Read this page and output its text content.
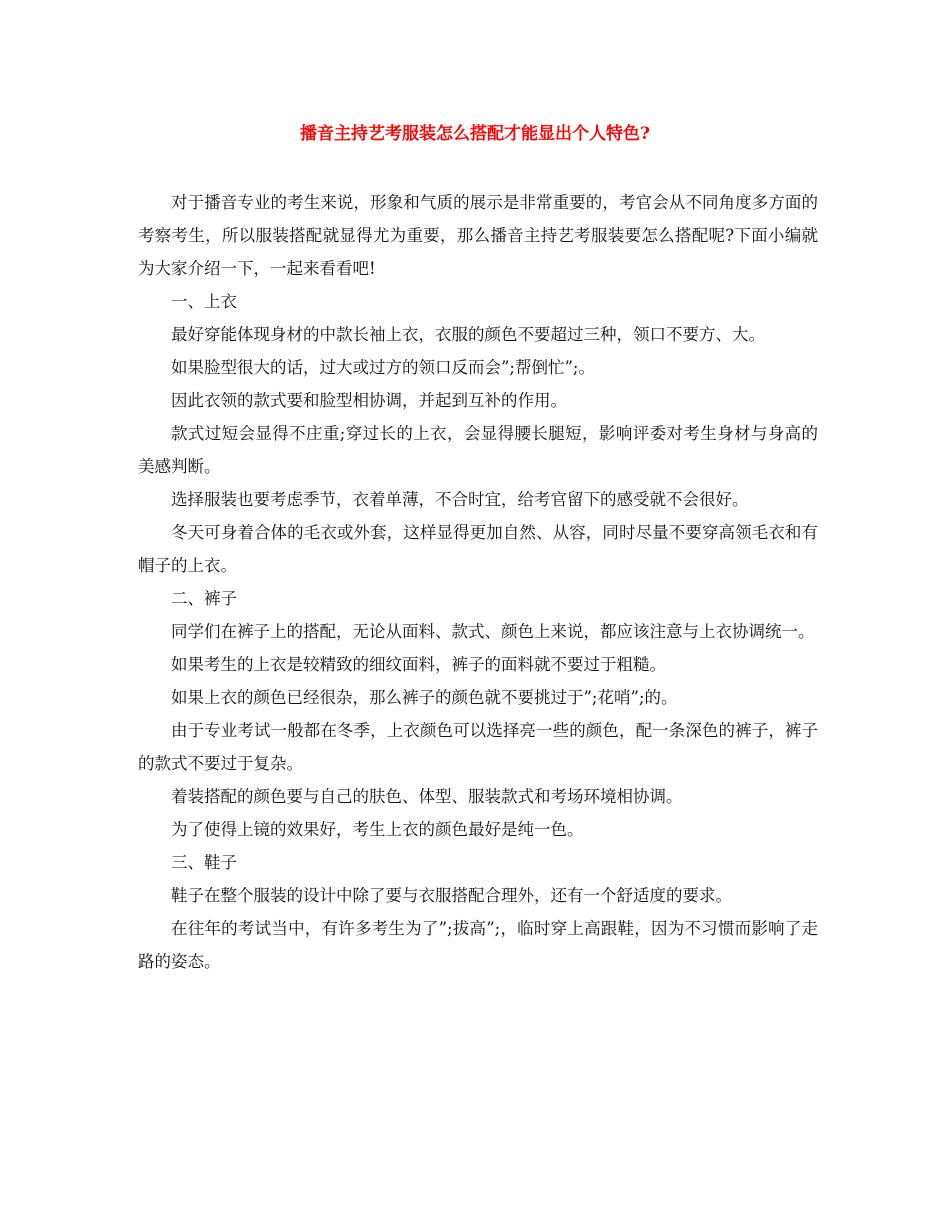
播音主持艺考服装怎么搭配才能显出个人特色?

对于播音专业的考生来说，形象和气质的展示是非常重要的，考官会从不同角度多方面的考察考生，所以服装搭配就显得尤为重要，那么播音主持艺考服装要怎么搭配呢?下面小编就为大家介绍一下，一起来看看吧!

一、上衣

最好穿能体现身材的中款长袖上衣，衣服的颜色不要超过三种，领口不要方、大。

如果脸型很大的话，过大或过方的领口反而会”;帮倒忙”;。

因此衣领的款式要和脸型相协调，并起到互补的作用。

款式过短会显得不庄重;穿过长的上衣，会显得腰长腿短，影响评委对考生身材与身高的美感判断。

选择服装也要考虑季节，衣着单薄，不合时宜，给考官留下的感受就不会很好。

冬天可身着合体的毛衣或外套，这样显得更加自然、从容，同时尽量不要穿高领毛衣和有帽子的上衣。

二、裤子

同学们在裤子上的搭配，无论从面料、款式、颜色上来说，都应该注意与上衣协调统一。

如果考生的上衣是较精致的细纹面料，裤子的面料就不要过于粗糙。

如果上衣的颜色已经很杂，那么裤子的颜色就不要挑过于”;花哨”;的。

由于专业考试一般都在冬季，上衣颜色可以选择亮一些的颜色，配一条深色的裤子，裤子的款式不要过于复杂。

着装搭配的颜色要与自己的肤色、体型、服装款式和考场环境相协调。

为了使得上镜的效果好，考生上衣的颜色最好是纯一色。

三、鞋子

鞋子在整个服装的设计中除了要与衣服搭配合理外，还有一个舒适度的要求。

在往年的考试当中，有许多考生为了”;拔高”;，临时穿上高跟鞋，因为不习惯而影响了走路的姿态。
